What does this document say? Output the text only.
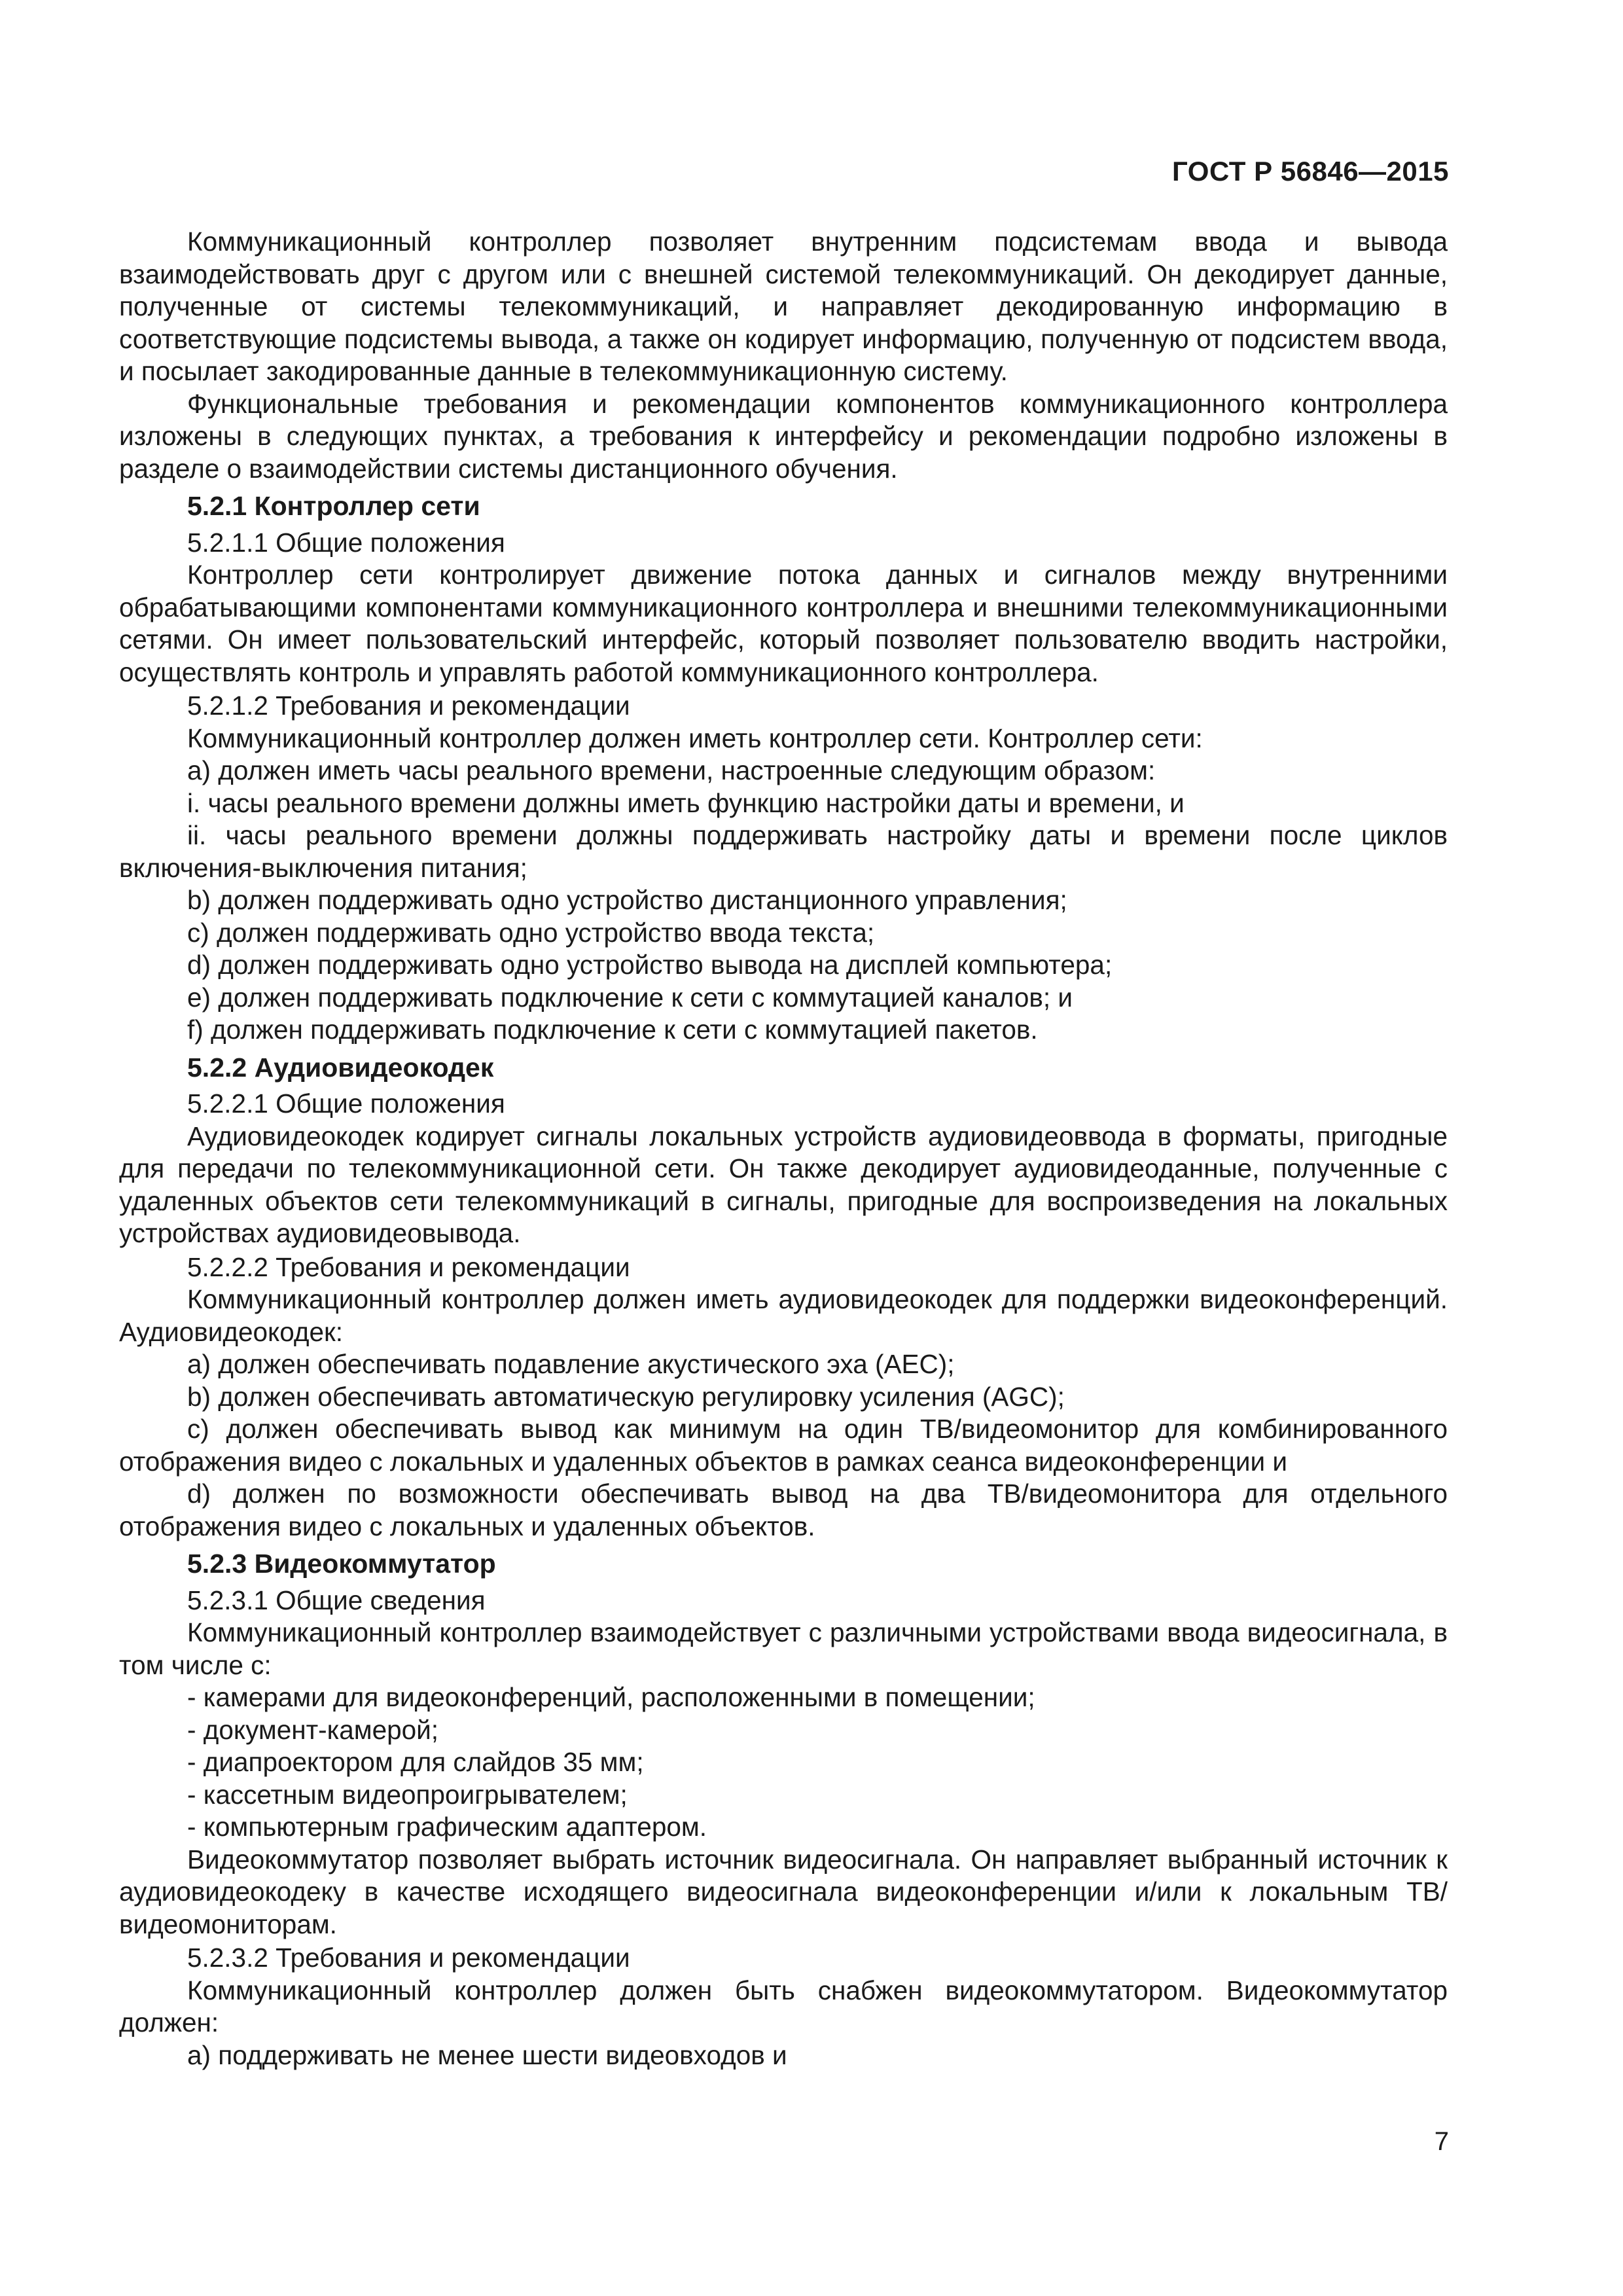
ГОСТ Р 56846—2015

Коммуникационный контроллер позволяет внутренним подсистемам ввода и вывода взаимодействовать друг с другом или с внешней системой телекоммуникаций. Он декодирует данные, полученные от системы телекоммуникаций, и направляет декодированную информацию в соответствующие подсистемы вывода, а также он кодирует информацию, полученную от подсистем ввода, и посылает закодированные данные в телекоммуникационную систему.

Функциональные требования и рекомендации компонентов коммуникационного контроллера изложены в следующих пунктах, а требования к интерфейсу и рекомендации подробно изложены в разделе о взаимодействии системы дистанционного обучения.

5.2.1 Контроллер сети

5.2.1.1 Общие положения

Контроллер сети контролирует движение потока данных и сигналов между внутренними обрабатывающими компонентами коммуникационного контроллера и внешними телекоммуникационными сетями. Он имеет пользовательский интерфейс, который позволяет пользователю вводить настройки, осуществлять контроль и управлять работой коммуникационного контроллера.

5.2.1.2 Требования и рекомендации

Коммуникационный контроллер должен иметь контроллер сети. Контроллер сети:

a) должен иметь часы реального времени, настроенные следующим образом:

i. часы реального времени должны иметь функцию настройки даты и времени, и

ii. часы реального времени должны поддерживать настройку даты и времени после циклов включения-выключения питания;

b) должен поддерживать одно устройство дистанционного управления;

c) должен поддерживать одно устройство ввода текста;

d) должен поддерживать одно устройство вывода на дисплей компьютера;

e) должен поддерживать подключение к сети с коммутацией каналов; и

f) должен поддерживать подключение к сети с коммутацией пакетов.

5.2.2 Аудиовидеокодек

5.2.2.1 Общие положения

Аудиовидеокодек кодирует сигналы локальных устройств аудиовидеоввода в форматы, пригодные для передачи по телекоммуникационной сети. Он также декодирует аудиовидеоданные, полученные с удаленных объектов сети телекоммуникаций в сигналы, пригодные для воспроизведения на локальных устройствах аудиовидеовывода.

5.2.2.2 Требования и рекомендации

Коммуникационный контроллер должен иметь аудиовидеокодек для поддержки видеоконференций. Аудиовидеокодек:

a) должен обеспечивать подавление акустического эха (AEC);

b) должен обеспечивать автоматическую регулировку усиления (AGC);

c) должен обеспечивать вывод как минимум на один ТВ/видеомонитор для комбинированного отображения видео с локальных и удаленных объектов в рамках сеанса видеоконференции и

d) должен по возможности обеспечивать вывод на два ТВ/видеомонитора для отдельного отображения видео с локальных и удаленных объектов.

5.2.3 Видеокоммутатор

5.2.3.1 Общие сведения

Коммуникационный контроллер взаимодействует с различными устройствами ввода видеосигнала, в том числе с:

- камерами для видеоконференций, расположенными в помещении;

- документ-камерой;

- диапроектором для слайдов 35 мм;

- кассетным видеопроигрывателем;

- компьютерным графическим адаптером.

Видеокоммутатор позволяет выбрать источник видеосигнала. Он направляет выбранный источник к аудиовидеокодеку в качестве исходящего видеосигнала видеоконференции и/или к локальным ТВ/видеомониторам.

5.2.3.2 Требования и рекомендации

Коммуникационный контроллер должен быть снабжен видеокоммутатором. Видеокоммутатор должен:

a) поддерживать не менее шести видеовходов и

7
